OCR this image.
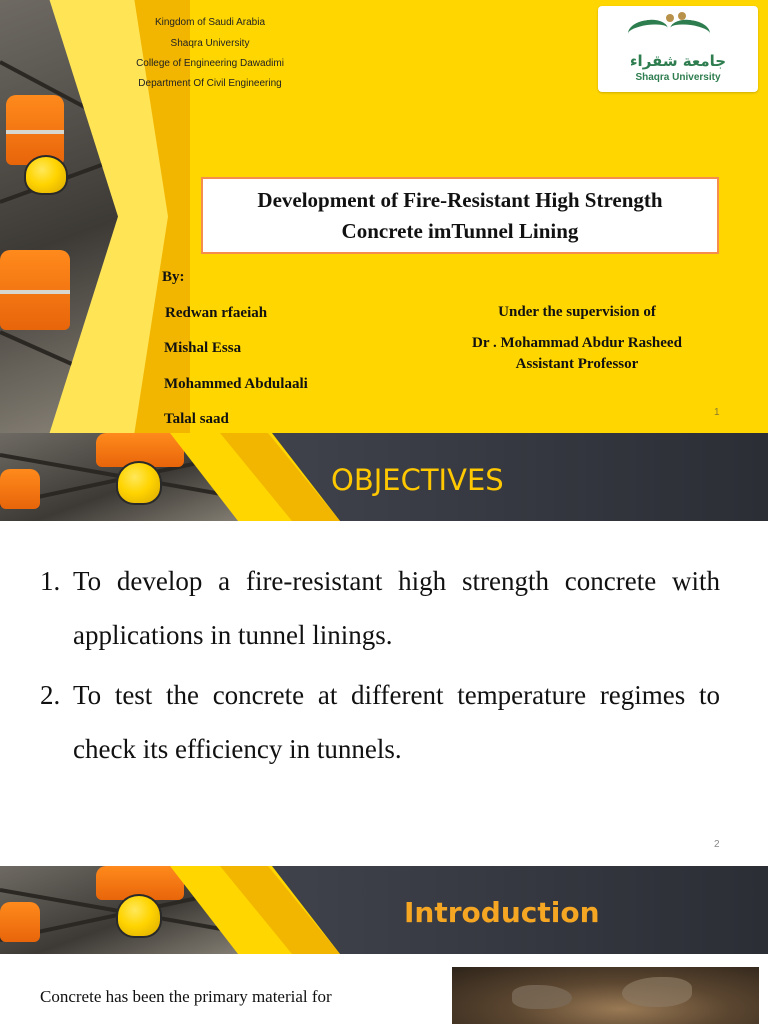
Kingdom of Saudi Arabia
Shaqra University
College of Engineering Dawadimi
Department Of Civil Engineering
جامعة شقراء
Shaqra University
Development of Fire-Resistant High Strength Concrete imTunnel Lining
By:
Redwan rfaeiah
Mishal Essa
Mohammed Abdulaali
Talal saad
Under the supervision of
Dr . Mohammad Abdur Rasheed
Assistant Professor
1
OBJECTIVES
1. To develop a fire-resistant high strength concrete with applications in tunnel linings.
2. To test the concrete at different temperature regimes to check its efficiency in tunnels.
2
Introduction
Concrete has been the primary material for
